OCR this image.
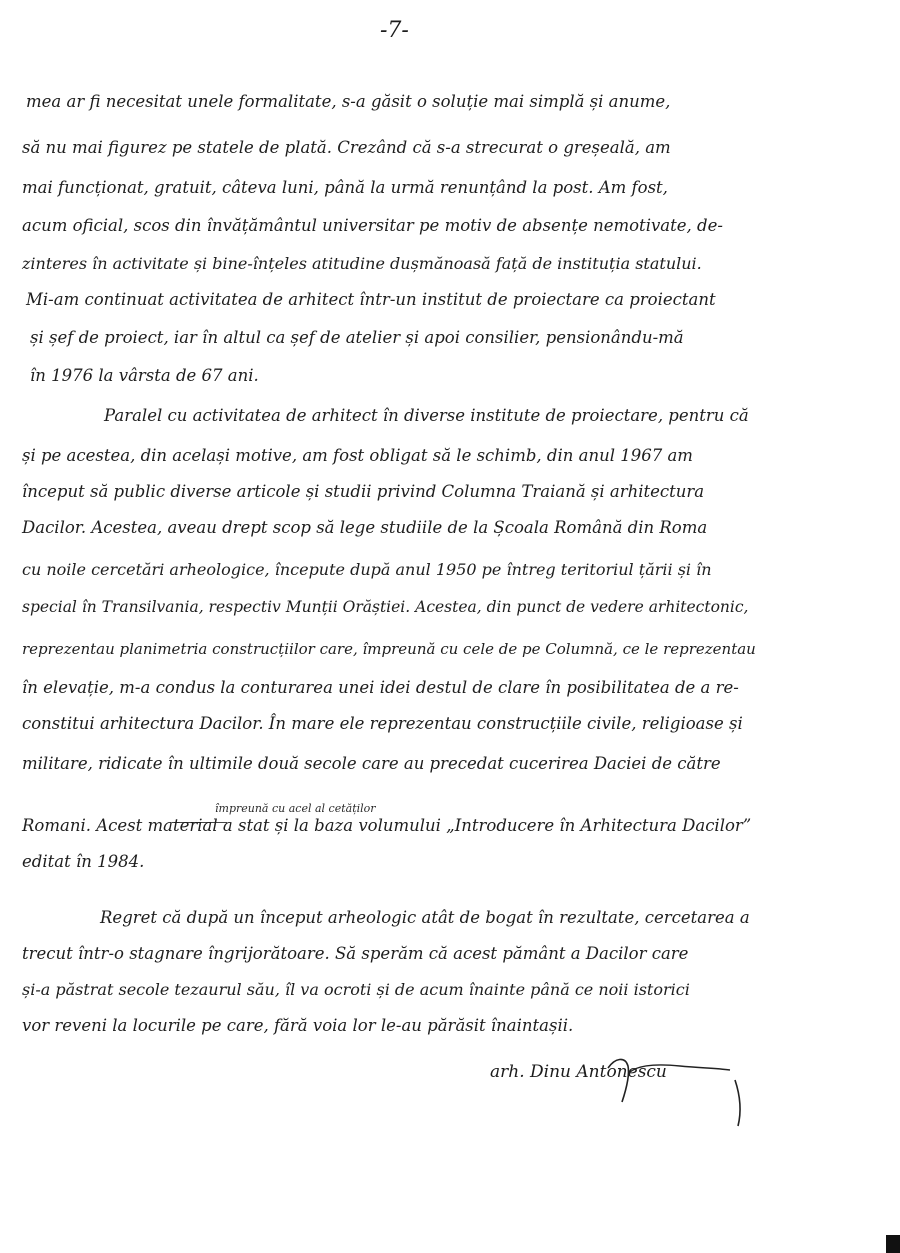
-7-
mea ar fi necesitat unele formalitate, s-a găsit o soluție mai simplă și anume,
să nu mai figurez pe statele de plată. Crezând că s-a strecurat o greșeală, am
mai funcționat, gratuit, câteva luni, până la urmă renunțând la post. Am fost,
acum oficial, scos din învățământul universitar pe motiv de absențe nemotivate, de-
zinteres în activitate și bine-înțeles atitudine dușmănoasă față de instituția statului.
Mi-am continuat activitatea de arhitect într-un institut de proiectare ca proiectant
și șef de proiect, iar în altul ca șef de atelier și apoi consilier, pensionându-mă
în 1976 la vârsta de 67 ani.
Paralel cu activitatea de arhitect în diverse institute de proiectare, pentru că
și pe acestea, din același motive, am fost obligat să le schimb, din anul 1967 am
început să public diverse articole și studii privind Columna Traiană și arhitectura
Dacilor. Acestea, aveau drept scop să lege studiile de la Școala Română din Roma
cu noile cercetări arheologice, începute după anul 1950 pe întreg teritoriul țării și în
special în Transilvania, respectiv Munții Orăștiei. Acestea, din punct de vedere arhitectonic,
reprezentau planimetria construcțiilor care, împreună cu cele de pe Columnă, ce le reprezentau
în elevație, m-a condus la conturarea unei idei destul de clare în posibilitatea de a re-
constitui arhitectura Dacilor. În mare ele reprezentau construcțiile civile, religioase și
militare, ridicate în ultimile două secole care au precedat cucerirea Daciei de către
împreună cu acel al cetăților
Romani. Acest material a stat și la baza volumului „Introducere în Arhitectura Dacilor”
editat în 1984.
Regret că după un început arheologic atât de bogat în rezultate, cercetarea a
trecut într-o stagnare îngrijorătoare. Să sperăm că acest pământ a Dacilor care
și-a păstrat secole tezaurul său, îl va ocroti și de acum înainte până ce noii istorici
vor reveni la locurile pe care, fără voia lor le-au părăsit înaintașii.
arh. Dinu Antonescu
